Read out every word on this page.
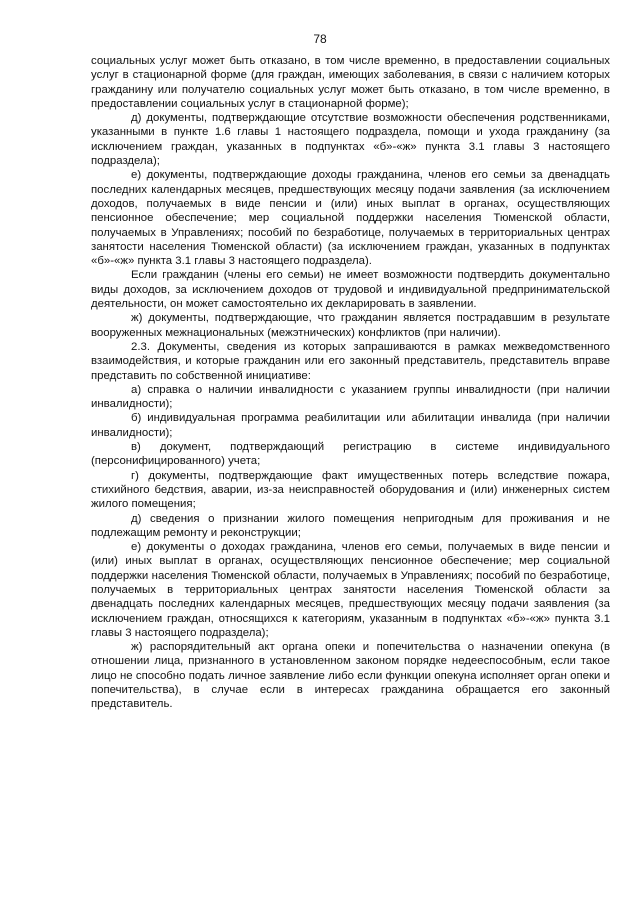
78

социальных услуг может быть отказано, в том числе временно, в предоставлении социальных услуг в стационарной форме (для граждан, имеющих заболевания, в связи с наличием которых гражданину или получателю социальных услуг может быть отказано, в том числе временно, в предоставлении социальных услуг в стационарной форме);

д) документы, подтверждающие отсутствие возможности обеспечения родственниками, указанными в пункте 1.6 главы 1 настоящего подраздела, помощи и ухода гражданину (за исключением граждан, указанных в подпунктах «б»-«ж» пункта 3.1 главы 3 настоящего подраздела);

е) документы, подтверждающие доходы гражданина, членов его семьи за двенадцать последних календарных месяцев, предшествующих месяцу подачи заявления (за исключением доходов, получаемых в виде пенсии и (или) иных выплат в органах, осуществляющих пенсионное обеспечение; мер социальной поддержки населения Тюменской области, получаемых в Управлениях; пособий по безработице, получаемых в территориальных центрах занятости населения Тюменской области) (за исключением граждан, указанных в подпунктах «б»-«ж» пункта 3.1 главы 3 настоящего подраздела).

Если гражданин (члены его семьи) не имеет возможности подтвердить документально виды доходов, за исключением доходов от трудовой и индивидуальной предпринимательской деятельности, он может самостоятельно их декларировать в заявлении.

ж) документы, подтверждающие, что гражданин является пострадавшим в результате вооруженных межнациональных (межэтнических) конфликтов (при наличии).

2.3. Документы, сведения из которых запрашиваются в рамках межведомственного взаимодействия, и которые гражданин или его законный представитель, представитель вправе представить по собственной инициативе:

а) справка о наличии инвалидности с указанием группы инвалидности (при наличии инвалидности);

б) индивидуальная программа реабилитации или абилитации инвалида (при наличии инвалидности);

в) документ, подтверждающий регистрацию в системе индивидуального (персонифицированного) учета;

г) документы, подтверждающие факт имущественных потерь вследствие пожара, стихийного бедствия, аварии, из-за неисправностей оборудования и (или) инженерных систем жилого помещения;

д) сведения о признании жилого помещения непригодным для проживания и не подлежащим ремонту и реконструкции;

е) документы о доходах гражданина, членов его семьи, получаемых в виде пенсии и (или) иных выплат в органах, осуществляющих пенсионное обеспечение; мер социальной поддержки населения Тюменской области, получаемых в Управлениях; пособий по безработице, получаемых в территориальных центрах занятости населения Тюменской области за двенадцать последних календарных месяцев, предшествующих месяцу подачи заявления (за исключением граждан, относящихся к категориям, указанным в подпунктах «б»-«ж» пункта 3.1 главы 3 настоящего подраздела);

ж) распорядительный акт органа опеки и попечительства о назначении опекуна (в отношении лица, признанного в установленном законом порядке недееспособным, если такое лицо не способно подать личное заявление либо если функции опекуна исполняет орган опеки и попечительства), в случае если в интересах гражданина обращается его законный представитель.
